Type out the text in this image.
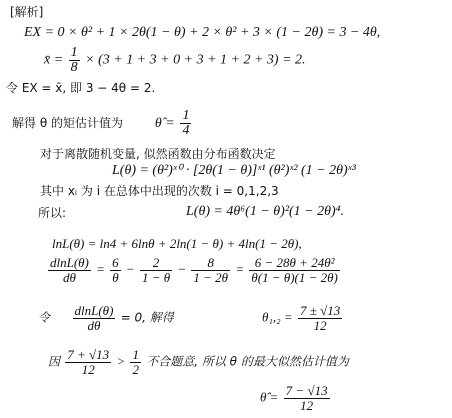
[解析]
EX = 0 × θ² + 1 × 2θ(1 − θ) + 2 × θ² + 3 × (1 − 2θ) = 3 − 4θ,
x̄ = $\frac{1}{8} \times (3 + 1 + 3 + 0 + 3 + 1 + 2 + 3) = 2$.
令 EX = x̄, 即 3 − 4θ = 2.
解得 θ 的矩估计值为 θ̂ = $\frac{1}{4}$
对于离散随机变量, 似然函数由分布函数决定
L(θ) = (θ²)ˣ⁰ · [2θ(1 − θ)]ˣ¹ (θ²)ˣ² (1 − 2θ)ˣ³
其中 xᵢ 为 i 在总体中出现的次数 i = 0,1,2,3
所以:	L(θ) = 4θ⁶(1 − θ)²(1 − 2θ)⁴.
lnL(θ) = ln4 + 6lnθ + 2ln(1 − θ) + 4ln(1 − 2θ),
$\frac{dlnL(\theta)}{d\theta} = \frac{6}{\theta} - \frac{2}{1 - \theta} - \frac{8}{1 - 2\theta} = \frac{\text{6 − 28θ + 24θ²}}{\theta(1 - \theta)(1 - 2\theta)}$
令 $\frac{dlnL(\theta)}{d\theta} = 0$, 解得	$\theta_1,_2 = \frac{7 \pm √13}{12}$
因 $\frac{7 + √13}{12} > \frac{1}{2}$ 不合题意, 所以 θ 的最大似然估计值为
θ̂ = $\frac{7 - √13}{12}$
